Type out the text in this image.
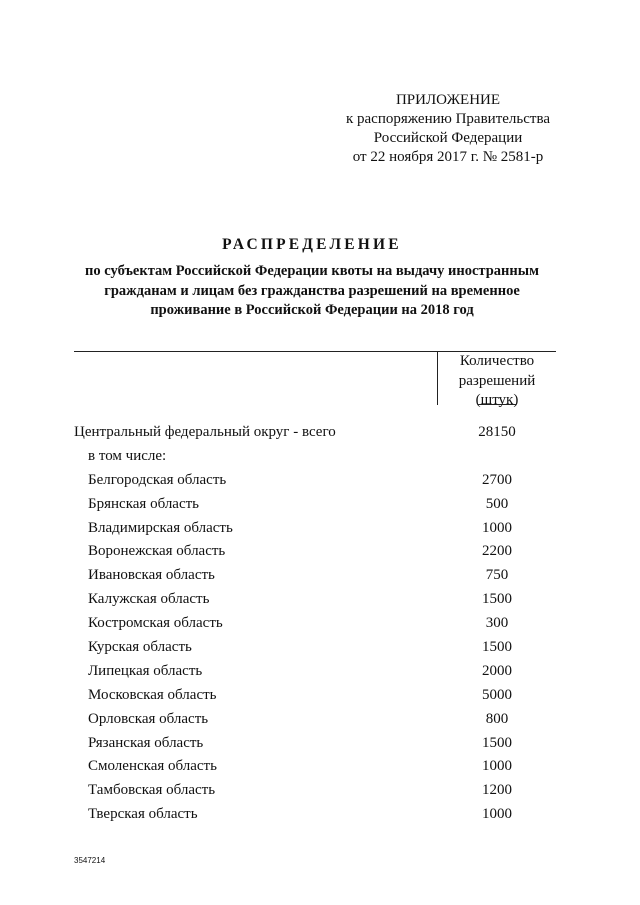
ПРИЛОЖЕНИЕ
к распоряжению Правительства
Российской Федерации
от 22 ноября 2017 г. № 2581-р
РАСПРЕДЕЛЕНИЕ
по субъектам Российской Федерации квоты на выдачу иностранным
гражданам и лицам без гражданства разрешений на временное
проживание в Российской Федерации на 2018 год
Количество
разрешений
(штук)
Центральный федеральный округ - всего	28150
в том числе:
Белгородская область	2700
Брянская область	500
Владимирская область	1000
Воронежская область	2200
Ивановская область	750
Калужская область	1500
Костромская область	300
Курская область	1500
Липецкая область	2000
Московская область	5000
Орловская область	800
Рязанская область	1500
Смоленская область	1000
Тамбовская область	1200
Тверская область	1000
3547214
